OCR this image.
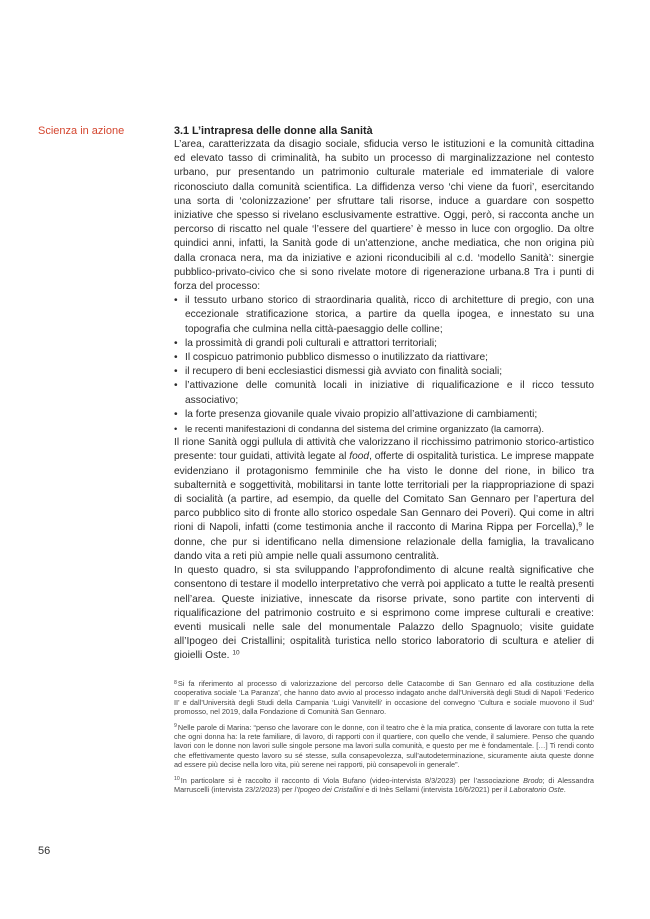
Scienza in azione	3.1 L’intrapresa delle donne alla Sanità

L’area, caratterizzata da disagio sociale, sfiducia verso le istituzioni e la comunità cittadina ed elevato tasso di criminalità, ha subito un processo di marginalizzazione nel contesto urbano, pur presentando un patrimonio culturale materiale ed immateriale di valore riconosciuto dalla comunità scientifica. La diffidenza verso ‘chi viene da fuori’, esercitando una sorta di ‘colonizzazione’ per sfruttare tali risorse, induce a guardare con sospetto iniziative che spesso si rivelano esclusivamente estrattive. Oggi, però, si racconta anche un percorso di riscatto nel quale ‘l’essere del quartiere’ è messo in luce con orgoglio. Da oltre quindici anni, infatti, la Sanità gode di un’attenzione, anche mediatica, che non origina più dalla cronaca nera, ma da iniziative e azioni riconducibili al c.d. ‘modello Sanità’: sinergie pubblico-privato-civico che si sono rivelate motore di rigenerazione urbana.8 Tra i punti di forza del processo:

• il tessuto urbano storico di straordinaria qualità, ricco di architetture di pregio, con una eccezionale stratificazione storica, a partire da quella ipogea, e innestato su una topografia che culmina nella città-paesaggio delle colline;
• la prossimità di grandi poli culturali e attrattori territoriali;
• Il cospicuo patrimonio pubblico dismesso o inutilizzato da riattivare;
• il recupero di beni ecclesiastici dismessi già avviato con finalità sociali;
• l’attivazione delle comunità locali in iniziative di riqualificazione e il ricco tessuto associativo;
• la forte presenza giovanile quale vivaio propizio all’attivazione di cambiamenti;
• le recenti manifestazioni di condanna del sistema del crimine organizzato (la camorra).

Il rione Sanità oggi pullula di attività che valorizzano il ricchissimo patrimonio storico-artistico presente: tour guidati, attività legate al food, offerte di ospitalità turistica. Le imprese mappate evidenziano il protagonismo femminile che ha visto le donne del rione, in bilico tra subalternità e soggettività, mobilitarsi in tante lotte territoriali per la riappropriazione di spazi di socialità (a partire, ad esempio, da quelle del Comitato San Gennaro per l’apertura del parco pubblico sito di fronte allo storico ospedale San Gennaro dei Poveri). Qui come in altri rioni di Napoli, infatti (come testimonia anche il racconto di Marina Rippa per Forcella),$^9$ le donne, che pur si identificano nella dimensione relazionale della famiglia, la travalicano dando vita a reti più ampie nelle quali assumono centralità.

In questo quadro, si sta sviluppando l’approfondimento di alcune realtà significative che consentono di testare il modello interpretativo che verrà poi applicato a tutte le realtà presenti nell’area. Queste iniziative, innescate da risorse private, sono partite con interventi di riqualificazione del patrimonio costruito e si esprimono come imprese culturali e creative: eventi musicali nelle sale del monumentale Palazzo dello Spagnuolo; visite guidate all’Ipogeo dei Cristallini; ospitalità turistica nello storico laboratorio di scultura e atelier di gioielli Oste. $^{10}$

$^8$Si fa riferimento al processo di valorizzazione del percorso delle Catacombe di San Gennaro ed alla costituzione della cooperativa sociale ‘La Paranza’, che hanno dato avvio al processo indagato anche dall’Università degli Studi di Napoli ‘Federico II’ e dall’Università degli Studi della Campania ‘Luigi Vanvitelli’ in occasione del convegno ‘Cultura e sociale muovono il Sud’ promosso, nel 2019, dalla Fondazione di Comunità San Gennaro.

$^9$Nelle parole di Marina: “penso che lavorare con le donne, con il teatro che è la mia pratica, consente di lavorare con tutta la rete che ogni donna ha: la rete familiare, di lavoro, di rapporti con il quartiere, con quello che vende, il salumiere. Penso che quando lavori con le donne non lavori sulle singole persone ma lavori sulla comunità, e questo per me è fondamentale. […] Ti rendi conto che effettivamente questo lavoro su sé stesse, sulla consapevolezza, sull’autodeterminazione, sicuramente aiuta queste donne ad essere più decise nella loro vita, più serene nei rapporti, più consapevoli in generale”.

$^{10}$In particolare si è raccolto il racconto di Viola Bufano (video-intervista 8/3/2023) per l’associazione Brodo; di Alessandra Marruscelli (intervista 23/2/2023) per l’Ipogeo dei Cristallini e di Inès Sellami (intervista 16/6/2021) per il Laboratorio Oste.

56
